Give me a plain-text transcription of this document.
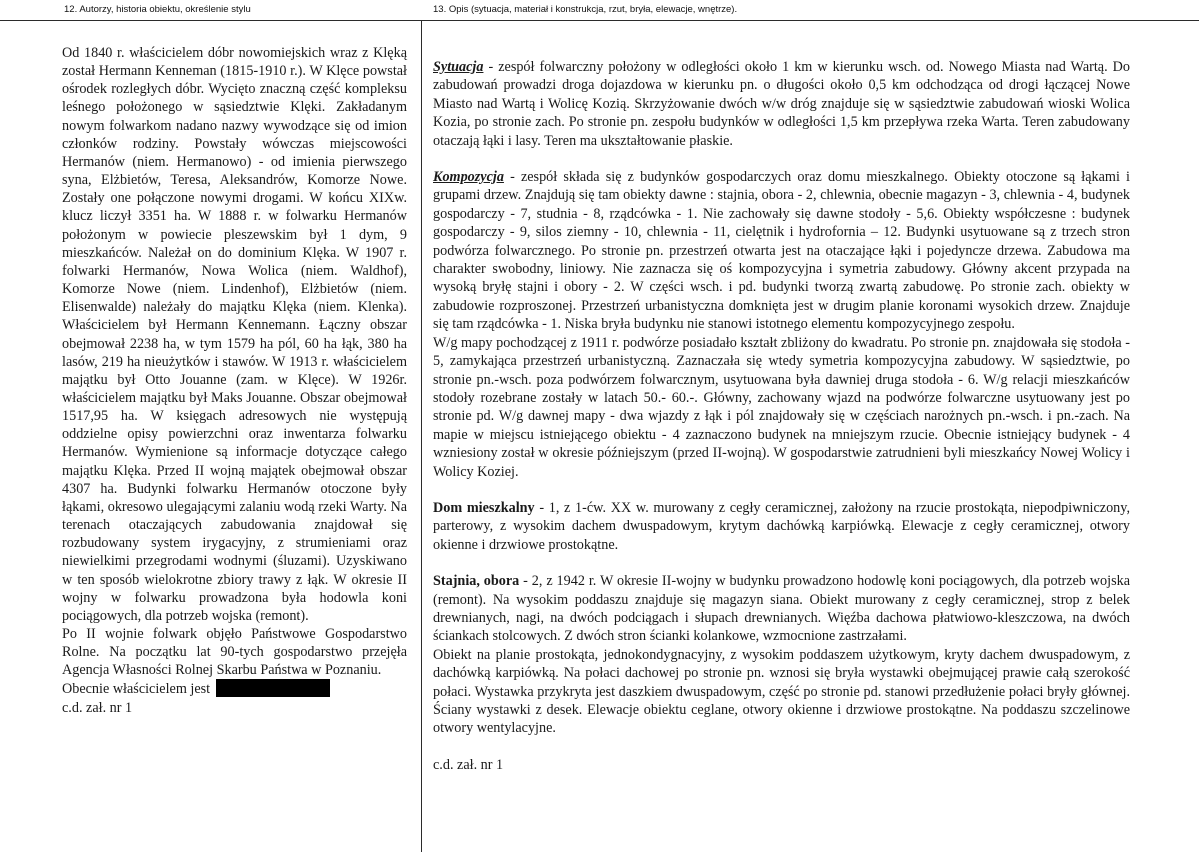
12. Autorzy, historia obiektu, określenie stylu	13. Opis (sytuacja, materiał i konstrukcja, rzut, bryła, elewacje, wnętrze).

Od 1840 r. właścicielem dóbr nowomiejskich wraz z Klęką został Hermann Kenneman (1815-1910 r.). W Klęce powstał ośrodek rozległych dóbr. Wycięto znaczną część kompleksu leśnego położonego w sąsiedztwie Klęki. Zakładanym nowym folwarkom nadano nazwy wywodzące się od imion członków rodziny. Powstały wówczas miejscowości Hermanów (niem. Hermanowo) - od imienia pierwszego syna, Elżbietów, Teresa, Aleksandrów, Komorze Nowe. Zostały one połączone nowymi drogami. W końcu XIXw. klucz liczył 3351 ha. W 1888 r. w folwarku Hermanów położonym w powiecie pleszewskim był 1 dym, 9 mieszkańców. Należał on do dominium Klęka. W 1907 r. folwarki Hermanów, Nowa Wolica (niem. Waldhof), Komorze Nowe (niem. Lindenhof), Elżbietów (niem. Elisenwalde) należały do majątku Klęka (niem. Klenka). Właścicielem był Hermann Kennemann. Łączny obszar obejmował 2238 ha, w tym 1579 ha pól, 60 ha łąk, 380 ha lasów, 219 ha nieużytków i stawów. W 1913 r. właścicielem majątku był Otto Jouanne (zam. w Klęce). W 1926r. właścicielem majątku był Maks Jouanne. Obszar obejmował 1517,95 ha. W księgach adresowych nie występują oddzielne opisy powierzchni oraz inwentarza folwarku Hermanów. Wymienione są informacje dotyczące całego majątku Klęka. Przed II wojną majątek obejmował obszar 4307 ha. Budynki folwarku Hermanów otoczone były łąkami, okresowo ulegającymi zalaniu wodą rzeki Warty. Na terenach otaczających zabudowania znajdował się rozbudowany system irygacyjny, z strumieniami oraz niewielkimi przegrodami wodnymi (śluzami). Uzyskiwano w ten sposób wielokrotne zbiory trawy z łąk. W okresie II wojny w folwarku prowadzona była hodowla koni pociągowych, dla potrzeb wojska (remont).

Po II wojnie folwark objęło Państwowe Gospodarstwo Rolne. Na początku lat 90-tych gospodarstwo przejęła Agencja Własności Rolnej Skarbu Państwa w Poznaniu.

Obecnie właścicielem jest

c.d. zał. nr 1

Sytuacja - zespół folwarczny położony w odległości około 1 km w kierunku wsch. od. Nowego Miasta nad Wartą. Do zabudowań prowadzi droga dojazdowa w kierunku pn. o długości około 0,5 km odchodząca od drogi łączącej Nowe Miasto nad Wartą i Wolicę Kozią. Skrzyżowanie dwóch w/w dróg znajduje się w sąsiedztwie zabudowań wioski Wolica Kozia, po stronie zach. Po stronie pn. zespołu budynków w odległości 1,5 km przepływa rzeka Warta. Teren zabudowany otaczają łąki i lasy. Teren ma ukształtowanie płaskie.

Kompozycja - zespół składa się z budynków gospodarczych oraz domu mieszkalnego. Obiekty otoczone są łąkami i grupami drzew. Znajdują się tam obiekty dawne : stajnia, obora - 2, chlewnia, obecnie magazyn - 3, chlewnia - 4, budynek gospodarczy - 7, studnia - 8, rządcówka - 1. Nie zachowały się dawne stodoły - 5,6. Obiekty współczesne : budynek gospodarczy - 9, silos ziemny - 10, chlewnia - 11, cielętnik i hydrofornia – 12. Budynki usytuowane są z trzech stron podwórza folwarcznego. Po stronie pn. przestrzeń otwarta jest na otaczające łąki i pojedyncze drzewa. Zabudowa ma charakter swobodny, liniowy. Nie zaznacza się oś kompozycyjna i symetria zabudowy. Główny akcent przypada na wysoką bryłę stajni i obory - 2. W części wsch. i pd. budynki tworzą zwartą zabudowę. Po stronie zach. obiekty w zabudowie rozproszonej. Przestrzeń urbanistyczna domknięta jest w drugim planie koronami wysokich drzew. Znajduje się tam rządcówka - 1. Niska bryła budynku nie stanowi istotnego elementu kompozycyjnego zespołu.

W/g mapy pochodzącej z 1911 r. podwórze posiadało kształt zbliżony do kwadratu. Po stronie pn. znajdowała się stodoła - 5, zamykająca przestrzeń urbanistyczną. Zaznaczała się wtedy symetria kompozycyjna zabudowy. W sąsiedztwie, po stronie pn.-wsch. poza podwórzem folwarcznym, usytuowana była dawniej druga stodoła - 6. W/g relacji mieszkańców stodoły rozebrane zostały w latach 50.- 60.-. Główny, zachowany wjazd na podwórze folwarczne usytuowany jest po stronie pd. W/g dawnej mapy - dwa wjazdy z łąk i pól znajdowały się w częściach narożnych pn.-wsch. i pn.-zach. Na mapie w miejscu istniejącego obiektu - 4 zaznaczono budynek na mniejszym rzucie. Obecnie istniejący budynek - 4 wzniesiony został w okresie późniejszym (przed II-wojną). W gospodarstwie zatrudnieni byli mieszkańcy Nowej Wolicy i Wolicy Koziej.

Dom mieszkalny - 1, z 1-ćw. XX w. murowany z cegły ceramicznej, założony na rzucie prostokąta, niepodpiwniczony, parterowy, z wysokim dachem dwuspadowym, krytym dachówką karpiówką. Elewacje z cegły ceramicznej, otwory okienne i drzwiowe prostokątne.

Stajnia, obora - 2, z 1942 r. W okresie II-wojny w budynku prowadzono hodowlę koni pociągowych, dla potrzeb wojska (remont). Na wysokim poddaszu znajduje się magazyn siana. Obiekt murowany z cegły ceramicznej, strop z belek drewnianych, nagi, na dwóch podciągach i słupach drewnianych. Więźba dachowa płatwiowo-kleszczowa, na dwóch ściankach stolcowych. Z dwóch stron ścianki kolankowe, wzmocnione zastrzałami.

Obiekt na planie prostokąta, jednokondygnacyjny, z wysokim poddaszem użytkowym, kryty dachem dwuspadowym, z dachówką karpiówką. Na połaci dachowej po stronie pn. wznosi się bryła wystawki obejmującej prawie całą szerokość połaci. Wystawka przykryta jest daszkiem dwuspadowym, część po stronie pd. stanowi przedłużenie połaci bryły głównej. Ściany wystawki z desek. Elewacje obiektu ceglane, otwory okienne i drzwiowe prostokątne. Na poddaszu szczelinowe otwory wentylacyjne.

c.d. zał. nr 1
